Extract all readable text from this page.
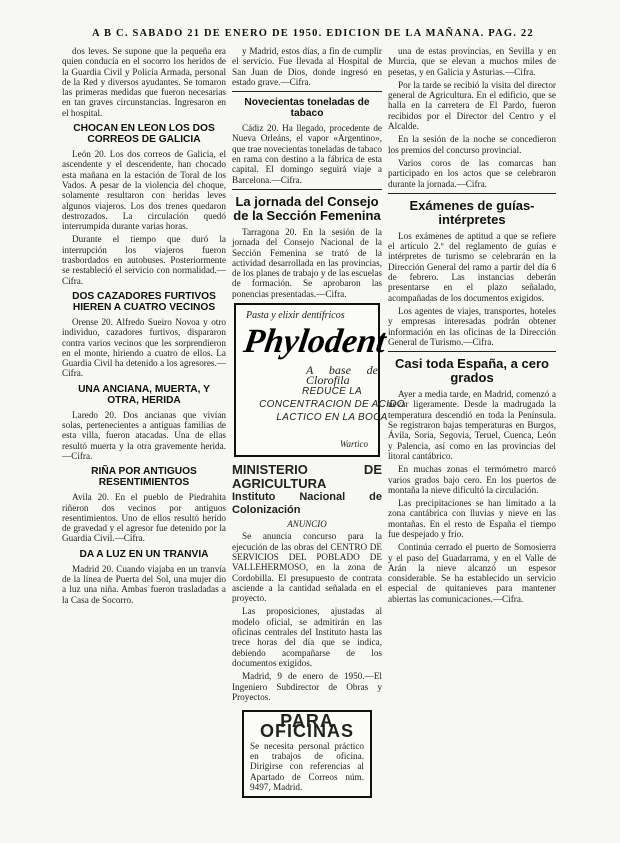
A B C. SABADO 21 DE ENERO DE 1950. EDICION DE LA MAÑANA. PAG. 22

dos leves. Se supone que la pequeña era quien conducía en el socorro los heridos de la Guardia Civil y Policía Armada, personal de la Red y diversos ayudantes. Se tomaron las primeras medidas que fueron necesarias en tan graves circunstancias. Ingresaron en el hospital.

CHOCAN EN LEON LOS DOS CORREOS DE GALICIA

León 20. Los dos correos de Galicia, el ascendente y el descendente, han chocado esta mañana en la estación de Toral de los Vados. A pesar de la violencia del choque, solamente resultaron con heridas leves algunos viajeros. Los dos trenes quedaron destrozados. La circulación quedó interrumpida durante varias horas.

Durante el tiempo que duró la interrupción los viajeros fueron trasbordados en autobuses. Posteriormente se restableció el servicio con normalidad.—Cifra.

DOS CAZADORES FURTIVOS HIEREN A CUATRO VECINOS

Orense 20. Alfredo Sueiro Novoa y otro individuo, cazadores furtivos, dispararon contra varios vecinos que les sorprendieron en el monte, hiriendo a cuatro de ellos. La Guardia Civil ha detenido a los agresores.—Cifra.

UNA ANCIANA, MUERTA, Y OTRA, HERIDA

Laredo 20. Dos ancianas que vivían solas, pertenecientes a antiguas familias de esta villa, fueron atacadas. Una de ellas resultó muerta y la otra gravemente herida.—Cifra.

RIÑA POR ANTIGUOS RESENTIMIENTOS

Avila 20. En el pueblo de Piedrahita riñeron dos vecinos por antiguos resentimientos. Uno de ellos resultó herido de gravedad y el agresor fue detenido por la Guardia Civil.—Cifra.

DA A LUZ EN UN TRANVIA

Madrid 20. Cuando viajaba en un tranvía de la línea de Puerta del Sol, una mujer dio a luz una niña. Ambas fueron trasladadas a la Casa de Socorro.

y Madrid, estos días, a fin de cumplir el servicio. Fue llevada al Hospital de San Juan de Dios, donde ingresó en estado grave.—Cifra.

Novecientas toneladas de tabaco

Cádiz 20. Ha llegado, procedente de Nueva Orleáns, el vapor «Argentino», que trae novecientas toneladas de tabaco en rama con destino a la fábrica de esta capital. El domingo seguirá viaje a Barcelona.—Cifra.

La jornada del Consejo de la Sección Femenina

Tarragona 20. En la sesión de la jornada del Consejo Nacional de la Sección Femenina se trató de la actividad desarrollada en las provincias, de los planes de trabajo y de las escuelas de formación. Se aprobaron las ponencias presentadas.—Cifra.

Pasta y elixir dentífricos
Phylodent
A base de Clorofila
REDUCE LA CONCENTRACION DE ACIDO LACTICO EN LA BOCA
Wartico
MINISTERIO DE AGRICULTURA
Instituto Nacional de Colonización
ANUNCIO

Se anuncia concurso para la ejecución de las obras del CENTRO DE SERVICIOS DEL POBLADO DE VALLEHERMOSO, en la zona de Cordobilla. El presupuesto de contrata asciende a la cantidad señalada en el proyecto.

Las proposiciones, ajustadas al modelo oficial, se admitirán en las oficinas centrales del Instituto hasta las trece horas del día que se indica, debiendo acompañarse de los documentos exigidos.

Madrid, 9 de enero de 1950.—El Ingeniero Subdirector de Obras y Proyectos.

PARA OFICINAS
Se necesita personal práctico en trabajos de oficina. Dirigirse con referencias al Apartado de Correos núm. 9497, Madrid.

una de estas provincias, en Sevilla y en Murcia, que se elevan a muchos miles de pesetas, y en Galicia y Asturias.—Cifra.

Por la tarde se recibió la visita del director general de Agricultura. En el edificio, que se halla en la carretera de El Pardo, fueron recibidos por el Director del Centro y el Alcalde.

En la sesión de la noche se concedieron los premios del concurso provincial.

Varios coros de las comarcas han participado en los actos que se celebraron durante la jornada.—Cifra.

Exámenes de guías-intérpretes

Los exámenes de aptitud a que se refiere el artículo 2.º del reglamento de guías e intérpretes de turismo se celebrarán en la Dirección General del ramo a partir del día 6 de febrero. Las instancias deberán presentarse en el plazo señalado, acompañadas de los documentos exigidos.

Los agentes de viajes, transportes, hoteles y empresas interesadas podrán obtener información en las oficinas de la Dirección General de Turismo.—Cifra.

Casi toda España, a cero grados

Ayer a media tarde, en Madrid, comenzó a nevar ligeramente. Desde la madrugada la temperatura descendió en toda la Península. Se registraron bajas temperaturas en Burgos, Ávila, Soria, Segovia, Teruel, Cuenca, León y Palencia, así como en las provincias del litoral cantábrico.

En muchas zonas el termómetro marcó varios grados bajo cero. En los puertos de montaña la nieve dificultó la circulación.

Las precipitaciones se han limitado a la zona cantábrica con lluvias y nieve en las montañas. En el resto de España el tiempo fue despejado y frío.

Continúa cerrado el puerto de Somosierra y el paso del Guadarrama, y en el Valle de Arán la nieve alcanzó un espesor considerable. Se ha establecido un servicio especial de quitanieves para mantener abiertas las comunicaciones.—Cifra.
